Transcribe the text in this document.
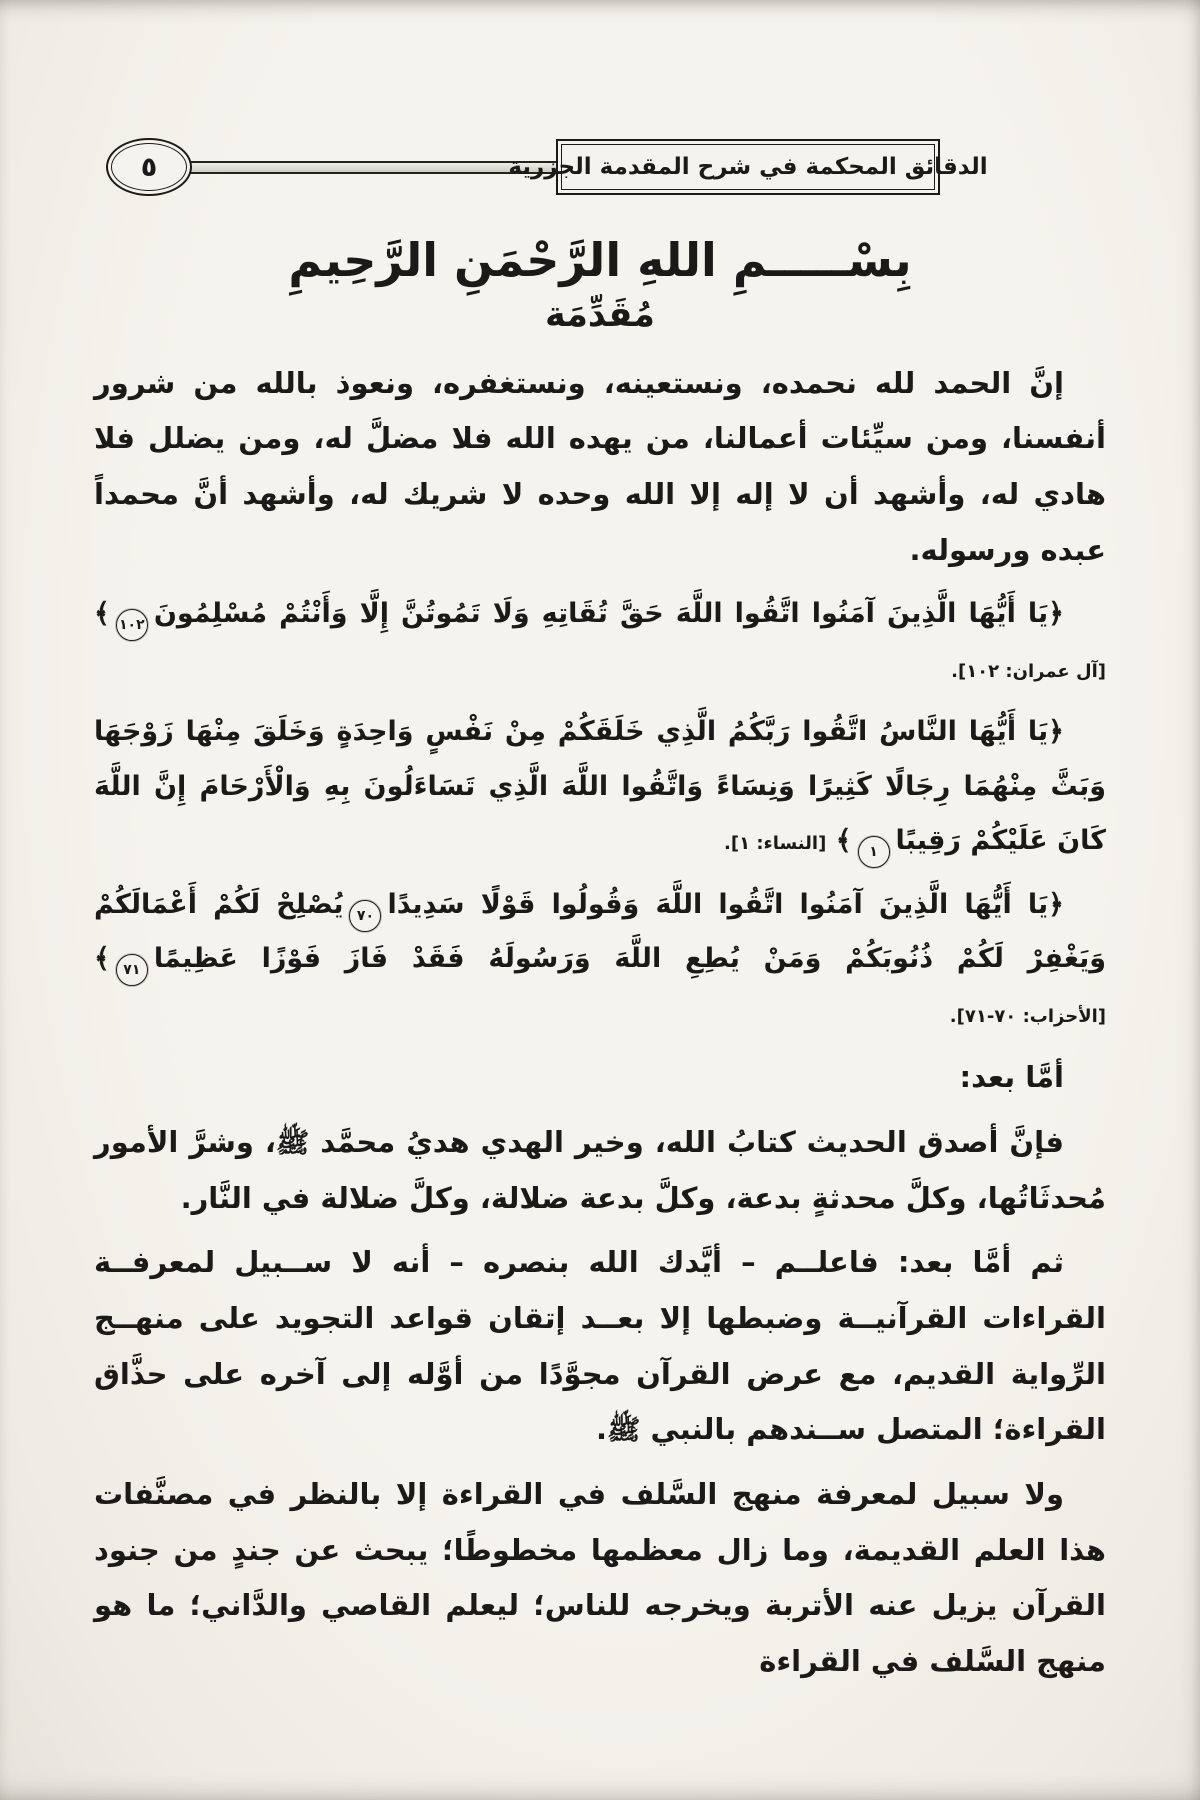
٥	الدقائق المحكمة في شرح المقدمة الجزرية
بِسْـــــمِ اللهِ الرَّحْمَنِ الرَّحِيمِ
مُقَدِّمَة

إنَّ الحمد لله نحمده، ونستعينه، ونستغفره، ونعوذ بالله من شرور أنفسنا، ومن سيِّئات أعمالنا، من يهده الله فلا مضلَّ له، ومن يضلل فلا هادي له، وأشهد أن لا إله إلا الله وحده لا شريك له، وأشهد أنَّ محمداً عبده ورسوله.

﴿يَا أَيُّهَا الَّذِينَ آمَنُوا اتَّقُوا اللَّهَ حَقَّ تُقَاتِهِ وَلَا تَمُوتُنَّ إِلَّا وَأَنْتُمْ مُسْلِمُونَ١٠٢﴾ [آل عمران: ١٠٢].

﴿يَا أَيُّهَا النَّاسُ اتَّقُوا رَبَّكُمُ الَّذِي خَلَقَكُمْ مِنْ نَفْسٍ وَاحِدَةٍ وَخَلَقَ مِنْهَا زَوْجَهَا وَبَثَّ مِنْهُمَا رِجَالًا كَثِيرًا وَنِسَاءً وَاتَّقُوا اللَّهَ الَّذِي تَسَاءَلُونَ بِهِ وَالْأَرْحَامَ إِنَّ اللَّهَ كَانَ عَلَيْكُمْ رَقِيبًا١﴾ [النساء: ١].

﴿يَا أَيُّهَا الَّذِينَ آمَنُوا اتَّقُوا اللَّهَ وَقُولُوا قَوْلًا سَدِيدًا٧٠يُصْلِحْ لَكُمْ أَعْمَالَكُمْ وَيَغْفِرْ لَكُمْ ذُنُوبَكُمْ وَمَنْ يُطِعِ اللَّهَ وَرَسُولَهُ فَقَدْ فَازَ فَوْزًا عَظِيمًا٧١﴾ [الأحزاب: ٧٠-٧١].

أمَّا بعد:

فإنَّ أصدق الحديث كتابُ الله، وخير الهدي هديُ محمَّد ﷺ، وشرَّ الأمور مُحدثَاتُها، وكلَّ محدثةٍ بدعة، وكلَّ بدعة ضلالة، وكلَّ ضلالة في النَّار.

ثم أمَّا بعد: فاعلــم – أيَّدك الله بنصره – أنه لا ســبيل لمعرفــة القراءات القرآنيــة وضبطها إلا بعــد إتقان قواعد التجويد على منهــج الرِّواية القديم، مع عرض القرآن مجوَّدًا من أوَّله إلى آخره على حذَّاق القراءة؛ المتصل ســندهم بالنبي ﷺ.

ولا سبيل لمعرفة منهج السَّلف في القراءة إلا بالنظر في مصنَّفات هذا العلم القديمة، وما زال معظمها مخطوطًا؛ يبحث عن جندٍ من جنود القرآن يزيل عنه الأتربة ويخرجه للناس؛ ليعلم القاصي والدَّاني؛ ما هو منهج السَّلف في القراءة
